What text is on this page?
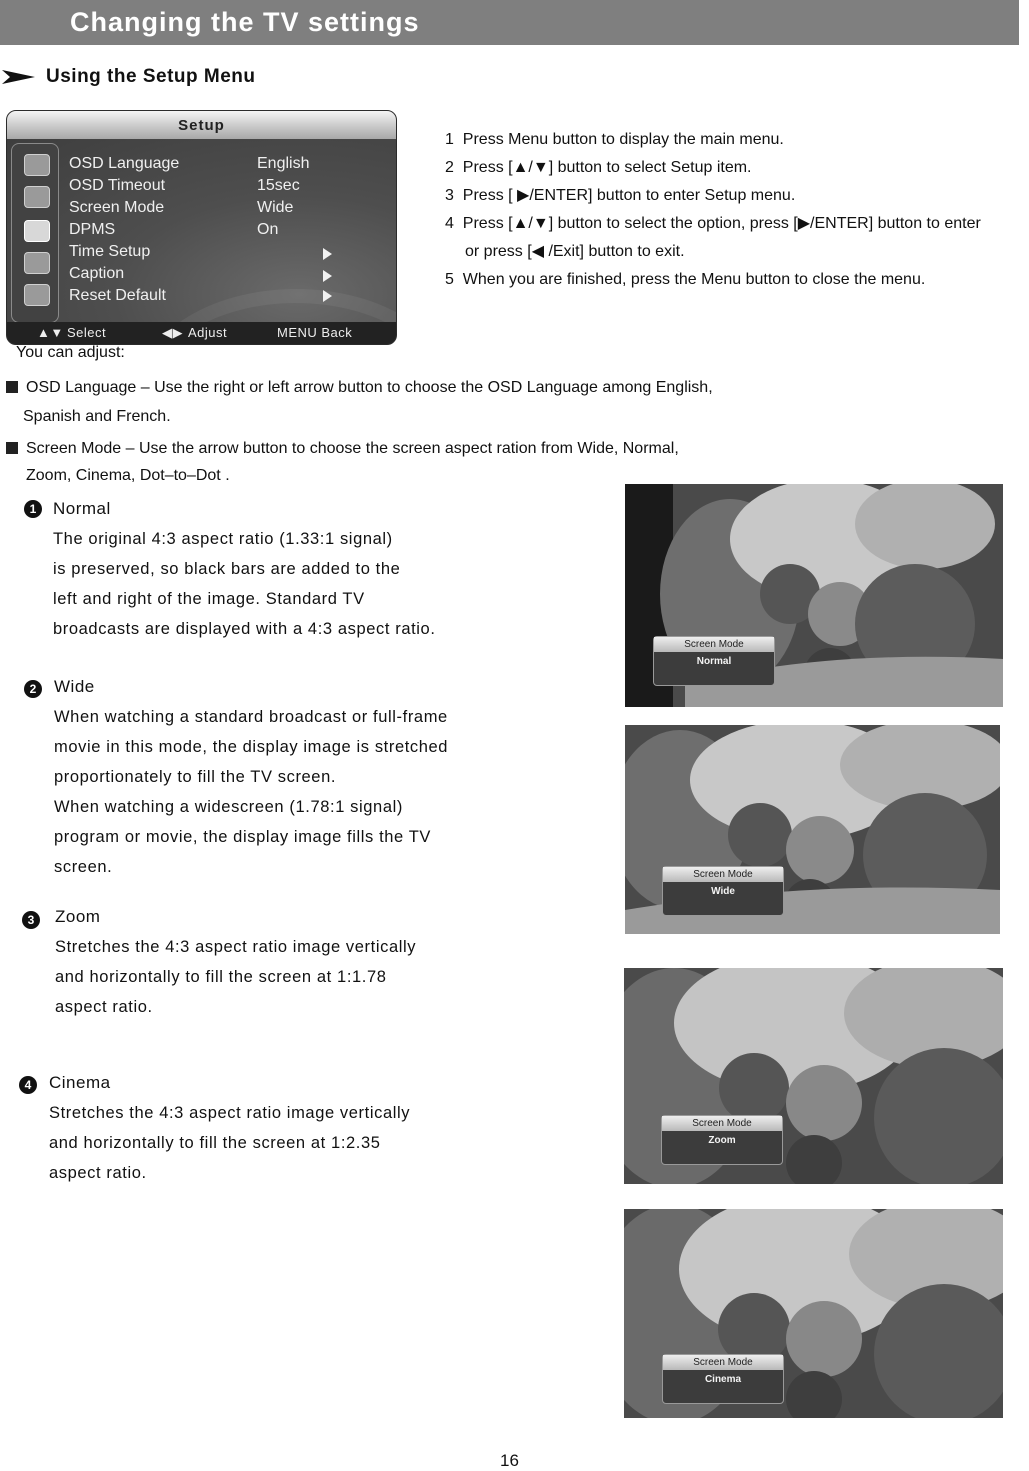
Changing the TV settings
Using the Setup Menu
Setup
OSD Language	English
OSD Timeout	15sec
Screen Mode	Wide
DPMS	On
Time Setup
Caption
Reset Default
▲▼ Select	◀▶ Adjust	MENU Back
1 Press Menu button to display the main menu.
2 Press [▲/▼] button to select Setup item.
3 Press [ ▶/ENTER] button to enter Setup menu.
4 Press [▲/▼] button to select the option, press [▶/ENTER] button to enter
or press [◀ /Exit] button to exit.
5 When you are finished, press the Menu button to close the menu.
You can adjust:
OSD Language – Use the right or left arrow button to choose the OSD Language among English,
Spanish and French.
Screen Mode – Use the arrow button to choose the screen aspect ration from Wide, Normal,
Zoom, Cinema, Dot–to–Dot .
1 Normal
The original 4:3 aspect ratio (1.33:1 signal)
is preserved, so black bars are added to the
left and right of the image. Standard TV
broadcasts are displayed with a 4:3 aspect ratio.
2	Wide
When watching a standard broadcast or full-frame
movie in this mode, the display image is stretched
proportionately to fill the TV screen.
When watching a widescreen (1.78:1 signal)
program or movie, the display image fills the TV
screen.
3	Zoom
Stretches the 4:3 aspect ratio image vertically
and horizontally to fill the screen at 1:1.78
aspect ratio.
4	Cinema
Stretches the 4:3 aspect ratio image vertically
and horizontally to fill the screen at 1:2.35
aspect ratio.
Screen Mode
Normal
Screen Mode
Wide
Screen Mode
Zoom
Screen Mode
Cinema
16
